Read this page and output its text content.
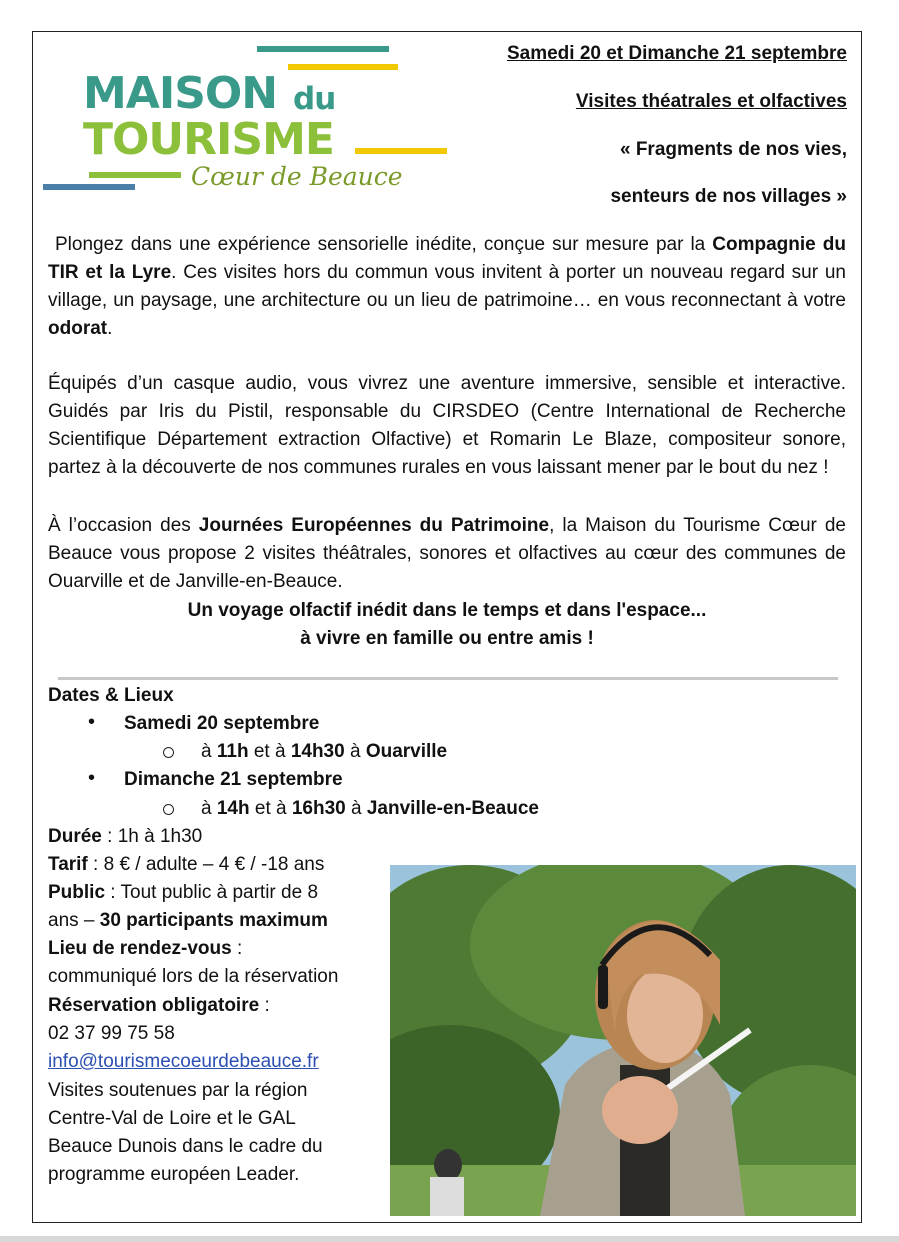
MAISON du
TOURISME
Cœur de Beauce
Samedi 20 et Dimanche 21 septembre
Visites théatrales et olfactives
« Fragments de nos vies,
senteurs de nos villages »
Plongez dans une expérience sensorielle inédite, conçue sur mesure par la Compagnie du TIR et la Lyre. Ces visites hors du commun vous invitent à porter un nouveau regard sur un village, un paysage, une architecture ou un lieu de patrimoine… en vous reconnectant à votre odorat.
Équipés d’un casque audio, vous vivrez une aventure immersive, sensible et interactive. Guidés par Iris du Pistil, responsable du CIRSDEO (Centre International de Recherche Scientifique Département extraction Olfactive) et Romarin Le Blaze, compositeur sonore, partez à la découverte de nos communes rurales en vous laissant mener par le bout du nez !
À l’occasion des Journées Européennes du Patrimoine, la Maison du Tourisme Cœur de Beauce vous propose 2 visites théâtrales, sonores et olfactives au cœur des communes de Ouarville et de Janville-en-Beauce.
Un voyage olfactif inédit dans le temps et dans l'espace...
à vivre en famille ou entre amis !
Dates & Lieux
• Samedi 20 septembre
à 11h et à 14h30 à Ouarville
• Dimanche 21 septembre
à 14h et à 16h30 à Janville-en-Beauce
Durée : 1h à 1h30
Tarif : 8 € / adulte – 4 € / -18 ans
Public : Tout public à partir de 8
ans – 30 participants maximum
Lieu de rendez-vous :
communiqué lors de la réservation
Réservation obligatoire :
02 37 99 75 58
info@tourismecoeurdebeauce.fr
Visites soutenues par la région
Centre-Val de Loire et le GAL
Beauce Dunois dans le cadre du
programme européen Leader.
